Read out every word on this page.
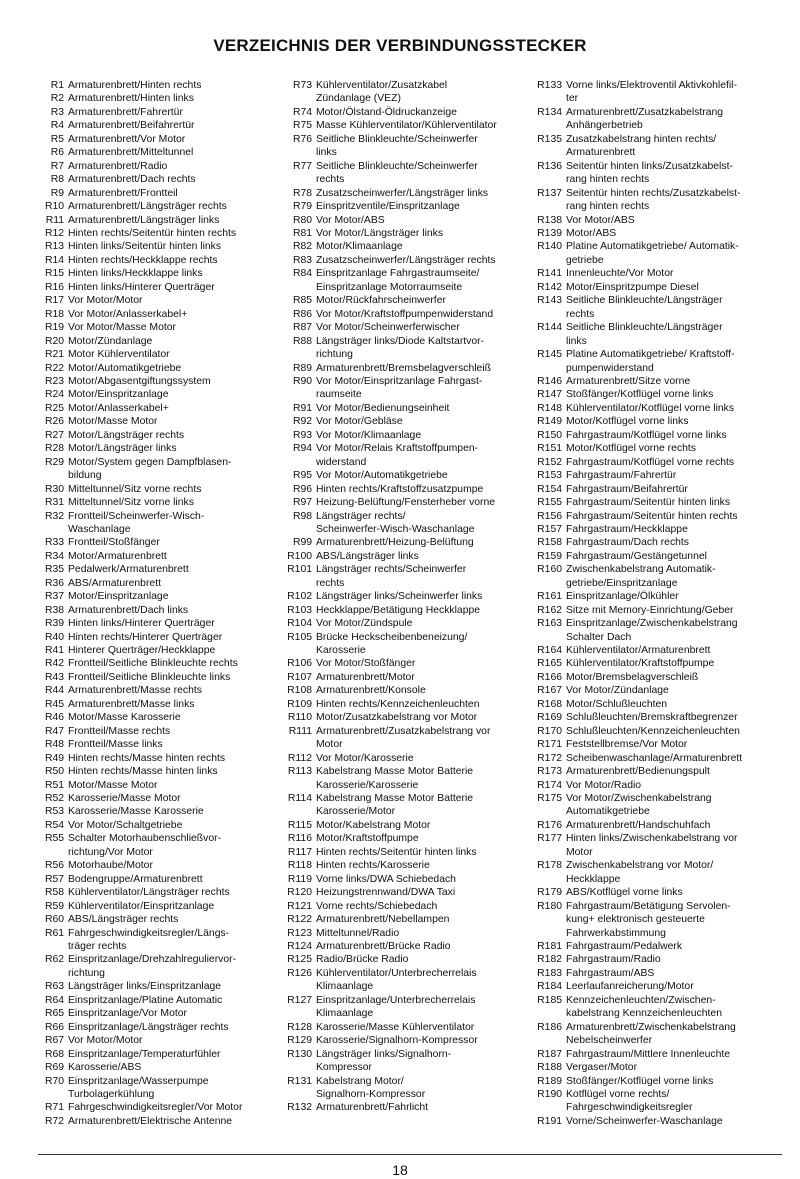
VERZEICHNIS DER VERBINDUNGSSTECKER
R1 Armaturenbrett/Hinten rechts
R2 Armaturenbrett/Hinten links
R3 Armaturenbrett/Fahrertür
R4 Armaturenbrett/Beifahrertür
R5 Armaturenbrett/Vor Motor
R6 Armaturenbrett/Mitteltunnel
R7 Armaturenbrett/Radio
R8 Armaturenbrett/Dach rechts
R9 Armaturenbrett/Frontteil
R10 Armaturenbrett/Längsträger rechts
R11 Armaturenbrett/Längsträger links
R12 Hinten rechts/Seitentür hinten rechts
R13 Hinten links/Seitentür hinten links
R14 Hinten rechts/Heckklappe rechts
R15 Hinten links/Heckklappe links
R16 Hinten links/Hinterer Querträger
R17 Vor Motor/Motor
R18 Vor Motor/Anlasserkabel+
R19 Vor Motor/Masse Motor
R20 Motor/Zündanlage
R21 Motor Kühlerventilator
R22 Motor/Automatikgetriebe
R23 Motor/Abgasentgiftungssystem
R24 Motor/Einspritzanlage
R25 Motor/Anlasserkabel+
R26 Motor/Masse Motor
R27 Motor/Längsträger rechts
R28 Motor/Längsträger links
R29 Motor/System gegen Dampfblasen-
bildung
R30 Mitteltunnel/Sitz vorne rechts
R31 Mitteltunnel/Sitz vorne links
R32 Frontteil/Scheinwerfer-Wisch-
Waschanlage
R33 Frontteil/Stoßfänger
R34 Motor/Armaturenbrett
R35 Pedalwerk/Armaturenbrett
R36 ABS/Armaturenbrett
R37 Motor/Einspritzanlage
R38 Armaturenbrett/Dach links
R39 Hinten links/Hinterer Querträger
R40 Hinten rechts/Hinterer Querträger
R41 Hinterer Querträger/Heckklappe
R42 Frontteil/Seitliche Blinkleuchte rechts
R43 Frontteil/Seitliche Blinkleuchte links
R44 Armaturenbrett/Masse rechts
R45 Armaturenbrett/Masse links
R46 Motor/Masse Karosserie
R47 Frontteil/Masse rechts
R48 Frontteil/Masse links
R49 Hinten rechts/Masse hinten rechts
R50 Hinten rechts/Masse hinten links
R51 Motor/Masse Motor
R52 Karosserie/Masse Motor
R53 Karosserie/Masse Karosserie
R54 Vor Motor/Schaltgetriebe
R55 Schalter Motorhaubenschließvor-
richtung/Vor Motor
R56 Motorhaube/Motor
R57 Bodengruppe/Armaturenbrett
R58 Kühlerventilator/Längsträger rechts
R59 Kühlerventilator/Einspritzanlage
R60 ABS/Längsträger rechts
R61 Fahrgeschwindigkeitsregler/Längs-
träger rechts
R62 Einspritzanlage/Drehzahlreguliervor-
richtung
R63 Längsträger links/Einspritzanlage
R64 Einspritzanlage/Platine Automatic
R65 Einspritzanlage/Vor Motor
R66 Einspritzanlage/Längsträger rechts
R67 Vor Motor/Motor
R68 Einspritzanlage/Temperaturfühler
R69 Karosserie/ABS
R70 Einspritzanlage/Wasserpumpe
Turbolagerkühlung
R71 Fahrgeschwindigkeitsregler/Vor Motor
R72 Armaturenbrett/Elektrische Antenne
R73 Kühlerventilator/Zusatzkabel
Zündanlage (VEZ)
R74 Motor/Ölstand-Öldruckanzeige
R75 Masse Kühlerventilator/Kühlerventilator
R76 Seitliche Blinkleuchte/Scheinwerfer
links
R77 Seitliche Blinkleuchte/Scheinwerfer
rechts
R78 Zusatzscheinwerfer/Längsträger links
R79 Einspritzventile/Einspritzanlage
R80 Vor Motor/ABS
R81 Vor Motor/Längsträger links
R82 Motor/Klimaanlage
R83 Zusatzscheinwerfer/Längsträger rechts
R84 Einspritzanlage Fahrgastraumseite/
Einspritzanlage Motorraumseite
R85 Motor/Rückfahrscheinwerfer
R86 Vor Motor/Kraftstoffpumpenwiderstand
R87 Vor Motor/Scheinwerferwischer
R88 Längsträger links/Diode Kaltstartvor-
richtung
R89 Armaturenbrett/Bremsbelagverschleiß
R90 Vor Motor/Einspritzanlage Fahrgast-
raumseite
R91 Vor Motor/Bedienungseinheit
R92 Vor Motor/Gebläse
R93 Vor Motor/Klimaanlage
R94 Vor Motor/Relais Kraftstoffpumpen-
widerstand
R95 Vor Motor/Automatikgetriebe
R96 Hinten rechts/Kraftstoffzusatzpumpe
R97 Heizung-Belüftung/Fensterheber vorne
R98 Längsträger rechts/
Scheinwerfer-Wisch-Waschanlage
R99 Armaturenbrett/Heizung-Belüftung
R100 ABS/Längsträger links
R101 Längsträger rechts/Scheinwerfer
rechts
R102 Längsträger links/Scheinwerfer links
R103 Heckklappe/Betätigung Heckklappe
R104 Vor Motor/Zündspule
R105 Brücke Heckscheibenbeneizung/
Karosserie
R106 Vor Motor/Stoßfänger
R107 Armaturenbrett/Motor
R108 Armaturenbrett/Konsole
R109 Hinten rechts/Kennzeichenleuchten
R110 Motor/Zusatzkabelstrang vor Motor
R111 Armaturenbrett/Zusatzkabelstrang vor
Motor
R112 Vor Motor/Karosserie
R113 Kabelstrang Masse Motor Batterie
Karosserie/Karosserie
R114 Kabelstrang Masse Motor Batterie
Karosserie/Motor
R115 Motor/Kabelstrang Motor
R116 Motor/Kraftstoffpumpe
R117 Hinten rechts/Seitentür hinten links
R118 Hinten rechts/Karosserie
R119 Vorne links/DWA Schiebedach
R120 Heizungstrennwand/DWA Taxi
R121 Vorne rechts/Schiebedach
R122 Armaturenbrett/Nebellampen
R123 Mitteltunnel/Radio
R124 Armaturenbrett/Brücke Radio
R125 Radio/Brücke Radio
R126 Kühlerventilator/Unterbrecherrelais
Klimaanlage
R127 Einspritzanlage/Unterbrecherrelais
Klimaanlage
R128 Karosserie/Masse Kühlerventilator
R129 Karosserie/Signalhorn-Kompressor
R130 Längsträger links/Signalhorn-
Kompressor
R131 Kabelstrang Motor/
Signalhorn-Kompressor
R132 Armaturenbrett/Fahrlicht
R133 Vorne links/Elektroventil Aktivkohlefil-
ter
R134 Armaturenbrett/Zusatzkabelstrang
Anhängerbetrieb
R135 Zusatzkabelstrang hinten rechts/
Armaturenbrett
R136 Seitentür hinten links/Zusatzkabelst-
rang hinten rechts
R137 Seitentür hinten rechts/Zusatzkabelst-
rang hinten rechts
R138 Vor Motor/ABS
R139 Motor/ABS
R140 Platine Automatikgetriebe/ Automatik-
getriebe
R141 Innenleuchte/Vor Motor
R142 Motor/Einspritzpumpe Diesel
R143 Seitliche Blinkleuchte/Längsträger
rechts
R144 Seitliche Blinkleuchte/Längsträger
links
R145 Platine Automatikgetriebe/ Kraftstoff-
pumpenwiderstand
R146 Armaturenbrett/Sitze vorne
R147 Stoßfänger/Kotflügel vorne links
R148 Kühlerventilator/Kotflügel vorne links
R149 Motor/Kotflügel vorne links
R150 Fahrgastraum/Kotflügel vorne links
R151 Motor/Kotflügel vorne rechts
R152 Fahrgastraum/Kotflügel vorne rechts
R153 Fahrgastraum/Fahrertür
R154 Fahrgastraum/Beifahrertür
R155 Fahrgastraum/Seitentür hinten links
R156 Fahrgastraum/Seitentür hinten rechts
R157 Fahrgastraum/Heckklappe
R158 Fahrgastraum/Dach rechts
R159 Fahrgastraum/Gestängetunnel
R160 Zwischenkabelstrang Automatik-
getriebe/Einspritzanlage
R161 Einspritzanlage/Ölkühler
R162 Sitze mit Memory-Einrichtung/Geber
R163 Einspritzanlage/Zwischenkabelstrang
Schalter Dach
R164 Kühlerventilator/Armaturenbrett
R165 Kühlerventilator/Kraftstoffpumpe
R166 Motor/Bremsbelagverschleiß
R167 Vor Motor/Zündanlage
R168 Motor/Schlußleuchten
R169 Schlußleuchten/Bremskraftbegrenzer
R170 Schlußleuchten/Kennzeichenleuchten
R171 Feststellbremse/Vor Motor
R172 Scheibenwaschanlage/Armaturenbrett
R173 Armaturenbrett/Bedienungspult
R174 Vor Motor/Radio
R175 Vor Motor/Zwischenkabelstrang
Automatikgetriebe
R176 Armaturenbrett/Handschuhfach
R177 Hinten links/Zwischenkabelstrang vor
Motor
R178 Zwischenkabelstrang vor Motor/
Heckklappe
R179 ABS/Kotflügel vorne links
R180 Fahrgastraum/Betätigung Servolen-
kung+ elektronisch gesteuerte
Fahrwerkabstimmung
R181 Fahrgastraum/Pedalwerk
R182 Fahrgastraum/Radio
R183 Fahrgastraum/ABS
R184 Leerlaufanreicherung/Motor
R185 Kennzeichenleuchten/Zwischen-
kabelstrang Kennzeichenleuchten
R186 Armaturenbrett/Zwischenkabelstrang
Nebelscheinwerfer
R187 Fahrgastraum/Mittlere Innenleuchte
R188 Vergaser/Motor
R189 Stoßfänger/Kotflügel vorne links
R190 Kotflügel vorne rechts/
Fahrgeschwindigkeitsregler
R191 Vorne/Scheinwerfer-Waschanlage
18
